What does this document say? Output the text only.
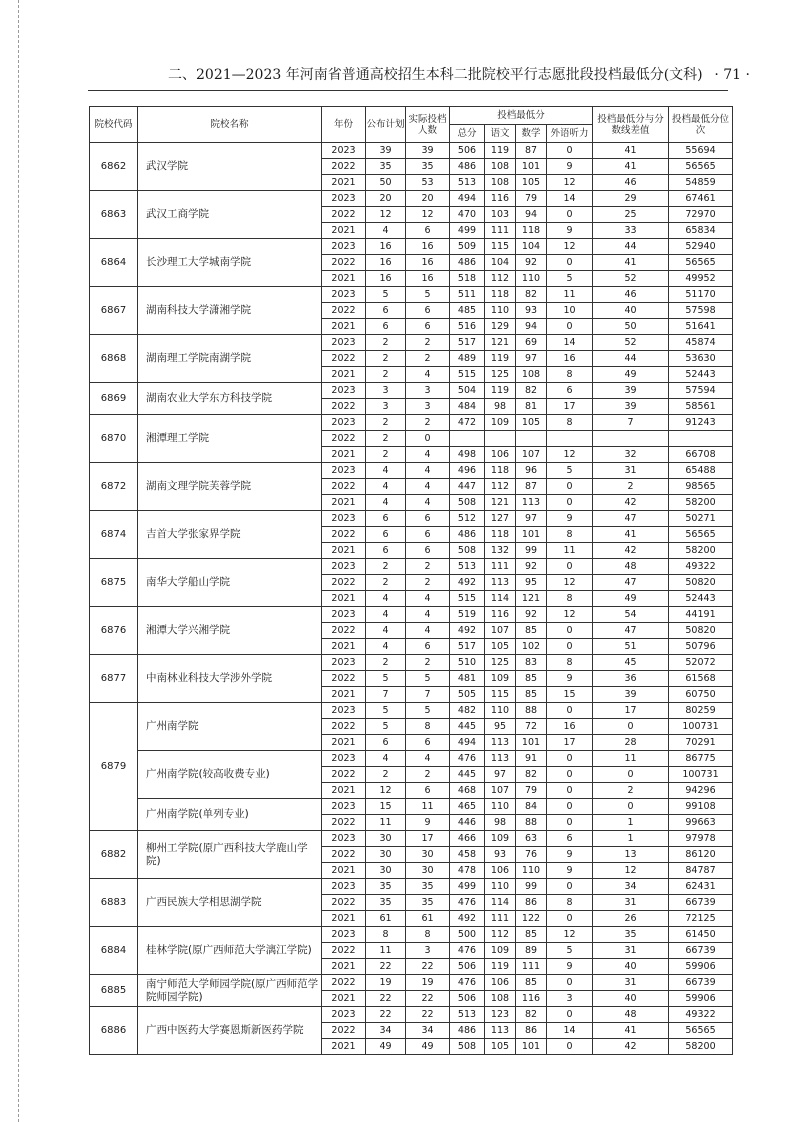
二、2021—2023 年河南省普通高校招生本科二批院校平行志愿批段投档最低分(文科) · 71 ·
院校代码	院校名称	年份	公布计划	实际投档人数	投档最低分				投档最低分与分数线差值	投档最低分位次
					总分	语文	数学	外语听力		
6862	武汉学院	2023	39	39	506	119	87	0	41	55694
		2022	35	35	486	108	101	9	41	56565
		2021	50	53	513	108	105	12	46	54859
6863	武汉工商学院	2023	20	20	494	116	79	14	29	67461
		2022	12	12	470	103	94	0	25	72970
		2021	4	6	499	111	118	9	33	65834
6864	长沙理工大学城南学院	2023	16	16	509	115	104	12	44	52940
		2022	16	16	486	104	92	0	41	56565
		2021	16	16	518	112	110	5	52	49952
6867	湖南科技大学潇湘学院	2023	5	5	511	118	82	11	46	51170
		2022	6	6	485	110	93	10	40	57598
		2021	6	6	516	129	94	0	50	51641
6868	湖南理工学院南湖学院	2023	2	2	517	121	69	14	52	45874
		2022	2	2	489	119	97	16	44	53630
		2021	2	4	515	125	108	8	49	52443
6869	湖南农业大学东方科技学院	2023	3	3	504	119	82	6	39	57594
		2022	3	3	484	98	81	17	39	58561
6870	湘潭理工学院	2023	2	2	472	109	105	8	7	91243
		2022	2	0						
		2021	2	4	498	106	107	12	32	66708
6872	湖南文理学院芙蓉学院	2023	4	4	496	118	96	5	31	65488
		2022	4	4	447	112	87	0	2	98565
		2021	4	4	508	121	113	0	42	58200
6874	吉首大学张家界学院	2023	6	6	512	127	97	9	47	50271
		2022	6	6	486	118	101	8	41	56565
		2021	6	6	508	132	99	11	42	58200
6875	南华大学船山学院	2023	2	2	513	111	92	0	48	49322
		2022	2	2	492	113	95	12	47	50820
		2021	4	4	515	114	121	8	49	52443
6876	湘潭大学兴湘学院	2023	4	4	519	116	92	12	54	44191
		2022	4	4	492	107	85	0	47	50820
		2021	4	6	517	105	102	0	51	50796
6877	中南林业科技大学涉外学院	2023	2	2	510	125	83	8	45	52072
		2022	5	5	481	109	85	9	36	61568
		2021	7	7	505	115	85	15	39	60750
6879	广州南学院	2023	5	5	482	110	88	0	17	80259
		2022	5	8	445	95	72	16	0	100731
		2021	6	6	494	113	101	17	28	70291
	广州南学院(较高收费专业)	2023	4	4	476	113	91	0	11	86775
		2022	2	2	445	97	82	0	0	100731
		2021	12	6	468	107	79	0	2	94296
	广州南学院(单列专业)	2023	15	11	465	110	84	0	0	99108
		2022	11	9	446	98	88	0	1	99663
6882	柳州工学院(原广西科技大学鹿山学院)	2023	30	17	466	109	63	6	1	97978
		2022	30	30	458	93	76	9	13	86120
		2021	30	30	478	106	110	9	12	84787
6883	广西民族大学相思湖学院	2023	35	35	499	110	99	0	34	62431
		2022	35	35	476	114	86	8	31	66739
		2021	61	61	492	111	122	0	26	72125
6884	桂林学院(原广西师范大学漓江学院)	2023	8	8	500	112	85	12	35	61450
		2022	11	3	476	109	89	5	31	66739
		2021	22	22	506	119	111	9	40	59906
6885	南宁师范大学师园学院(原广西师范学院师园学院)	2022	19	19	476	106	85	0	31	66739
		2021	22	22	506	108	116	3	40	59906
6886	广西中医药大学赛恩斯新医药学院	2023	22	22	513	123	82	0	48	49322
		2022	34	34	486	113	86	14	41	56565
		2021	49	49	508	105	101	0	42	58200
